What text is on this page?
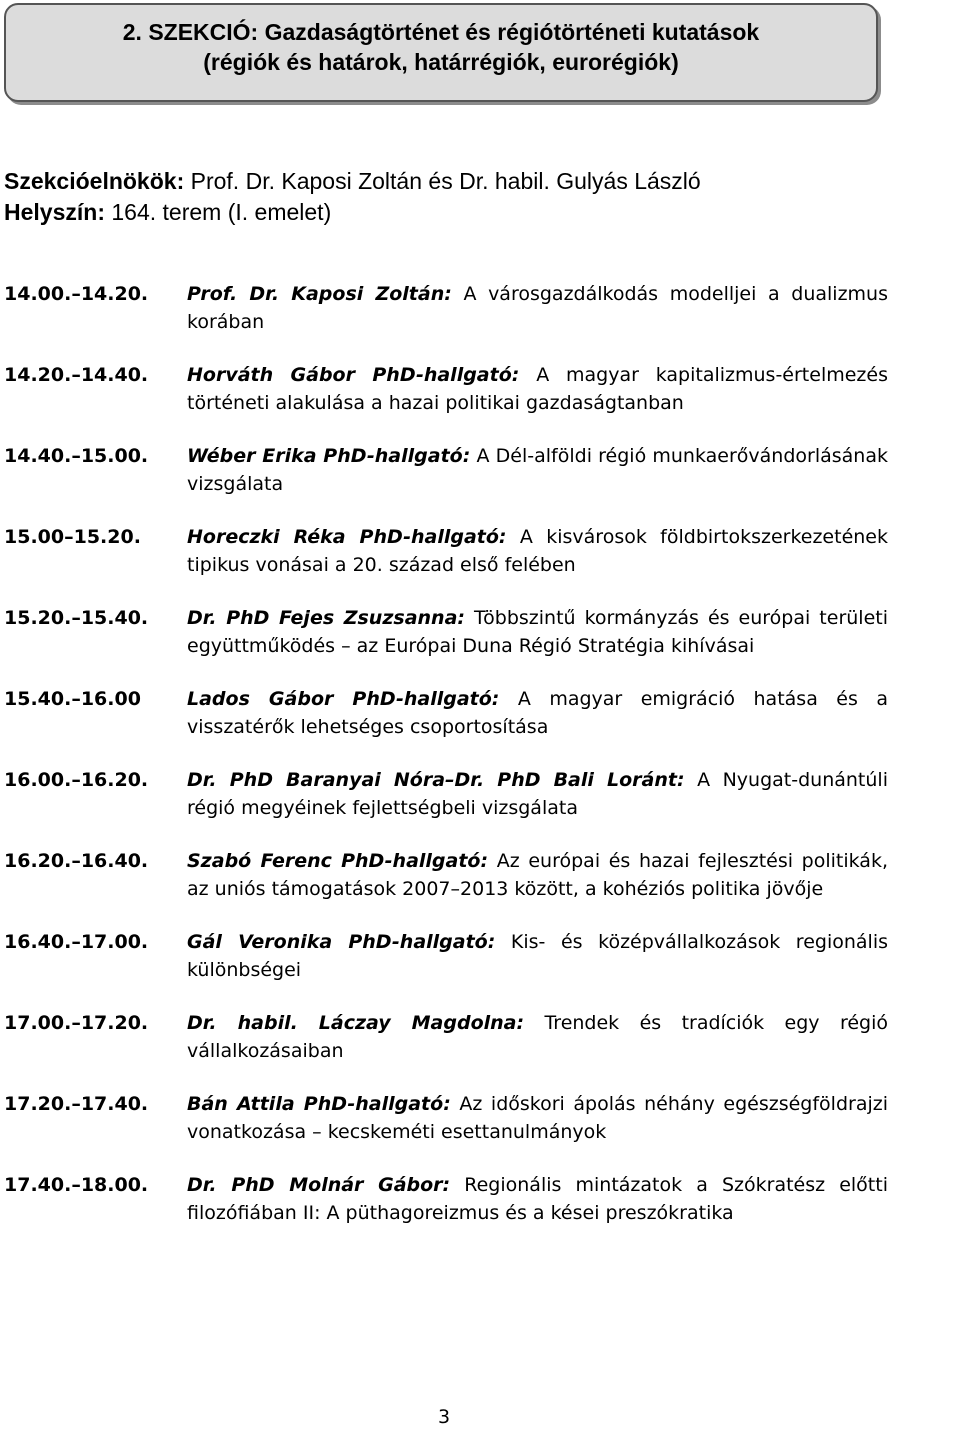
2. SZEKCIÓ: Gazdaságtörténet és régiótörténeti kutatások
(régiók és határok, határrégiók, eurorégiók)
Szekcióelnökök: Prof. Dr. Kaposi Zoltán és Dr. habil. Gulyás László
Helyszín: 164. terem (I. emelet)
14.00.–14.20. Prof. Dr. Kaposi Zoltán: A városgazdálkodás modelljei a dualizmus korában
14.20.–14.40. Horváth Gábor PhD-hallgató: A magyar kapitalizmus-értelmezés történeti alakulása a hazai politikai gazdaságtanban
14.40.–15.00. Wéber Erika PhD-hallgató: A Dél-alföldi régió munkaerővándorlásának vizsgálata
15.00–15.20. Horeczki Réka PhD-hallgató: A kisvárosok földbirtokszerkezetének tipikus vonásai a 20. század első felében
15.20.–15.40. Dr. PhD Fejes Zsuzsanna: Többszintű kormányzás és európai területi együttműködés – az Európai Duna Régió Stratégia kihívásai
15.40.–16.00 Lados Gábor PhD-hallgató: A magyar emigráció hatása és a visszatérők lehetséges csoportosítása
16.00.–16.20. Dr. PhD Baranyai Nóra–Dr. PhD Bali Loránt: A Nyugat-dunántúli régió megyéinek fejlettségbeli vizsgálata
16.20.–16.40. Szabó Ferenc PhD-hallgató: Az európai és hazai fejlesztési politikák, az uniós támogatások 2007–2013 között, a kohéziós politika jövője
16.40.–17.00. Gál Veronika PhD-hallgató: Kis- és középvállalkozások regionális különbségei
17.00.–17.20. Dr. habil. Láczay Magdolna: Trendek és tradíciók egy régió vállalkozásaiban
17.20.–17.40. Bán Attila PhD-hallgató: Az időskori ápolás néhány egészségföldrajzi vonatkozása – kecskeméti esettanulmányok
17.40.–18.00. Dr. PhD Molnár Gábor: Regionális mintázatok a Szókratész előtti filozófiában II: A püthagoreizmus és a kései preszókratika
3
